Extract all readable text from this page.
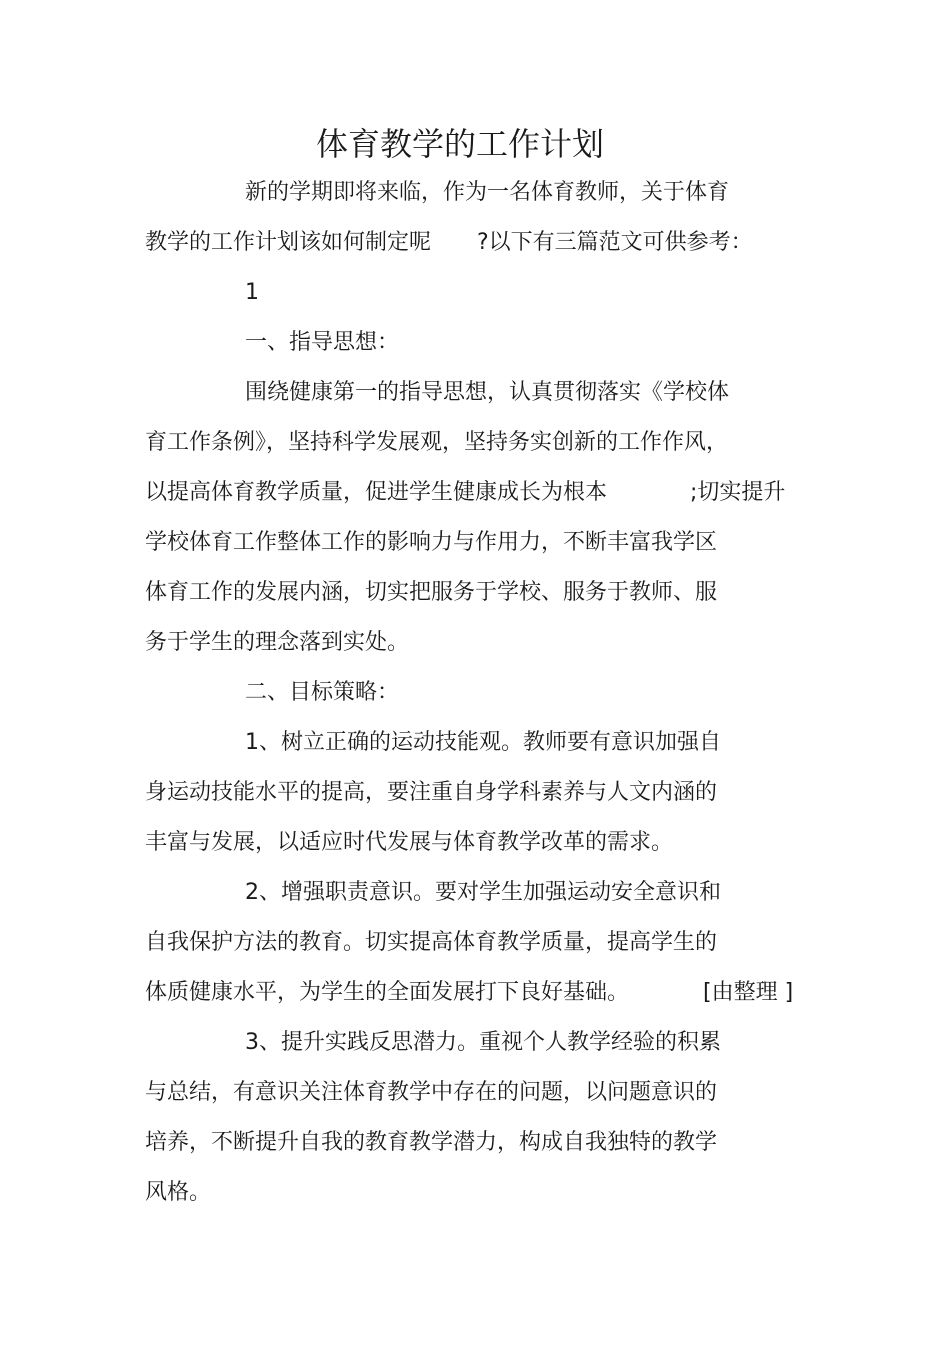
体育教学的工作计划
新的学期即将来临，作为一名体育教师，关于体育
教学的工作计划该如何制定呢 ?以下有三篇范文可供参考：
1
一、指导思想：
围绕健康第一的指导思想，认真贯彻落实《学校体
育工作条例》，坚持科学发展观，坚持务实创新的工作作风，
以提高体育教学质量，促进学生健康成长为根本	;切实提升
学校体育工作整体工作的影响力与作用力，不断丰富我学区
体育工作的发展内涵，切实把服务于学校、服务于教师、服
务于学生的理念落到实处。
二、目标策略：
1、树立正确的运动技能观。教师要有意识加强自
身运动技能水平的提高，要注重自身学科素养与人文内涵的
丰富与发展，以适应时代发展与体育教学改革的需求。
2、增强职责意识。要对学生加强运动安全意识和
自我保护方法的教育。切实提高体育教学质量，提高学生的
体质健康水平，为学生的全面发展打下良好基础。	[由整理 ]
3、提升实践反思潜力。重视个人教学经验的积累
与总结，有意识关注体育教学中存在的问题，以问题意识的
培养，不断提升自我的教育教学潜力，构成自我独特的教学
风格。
